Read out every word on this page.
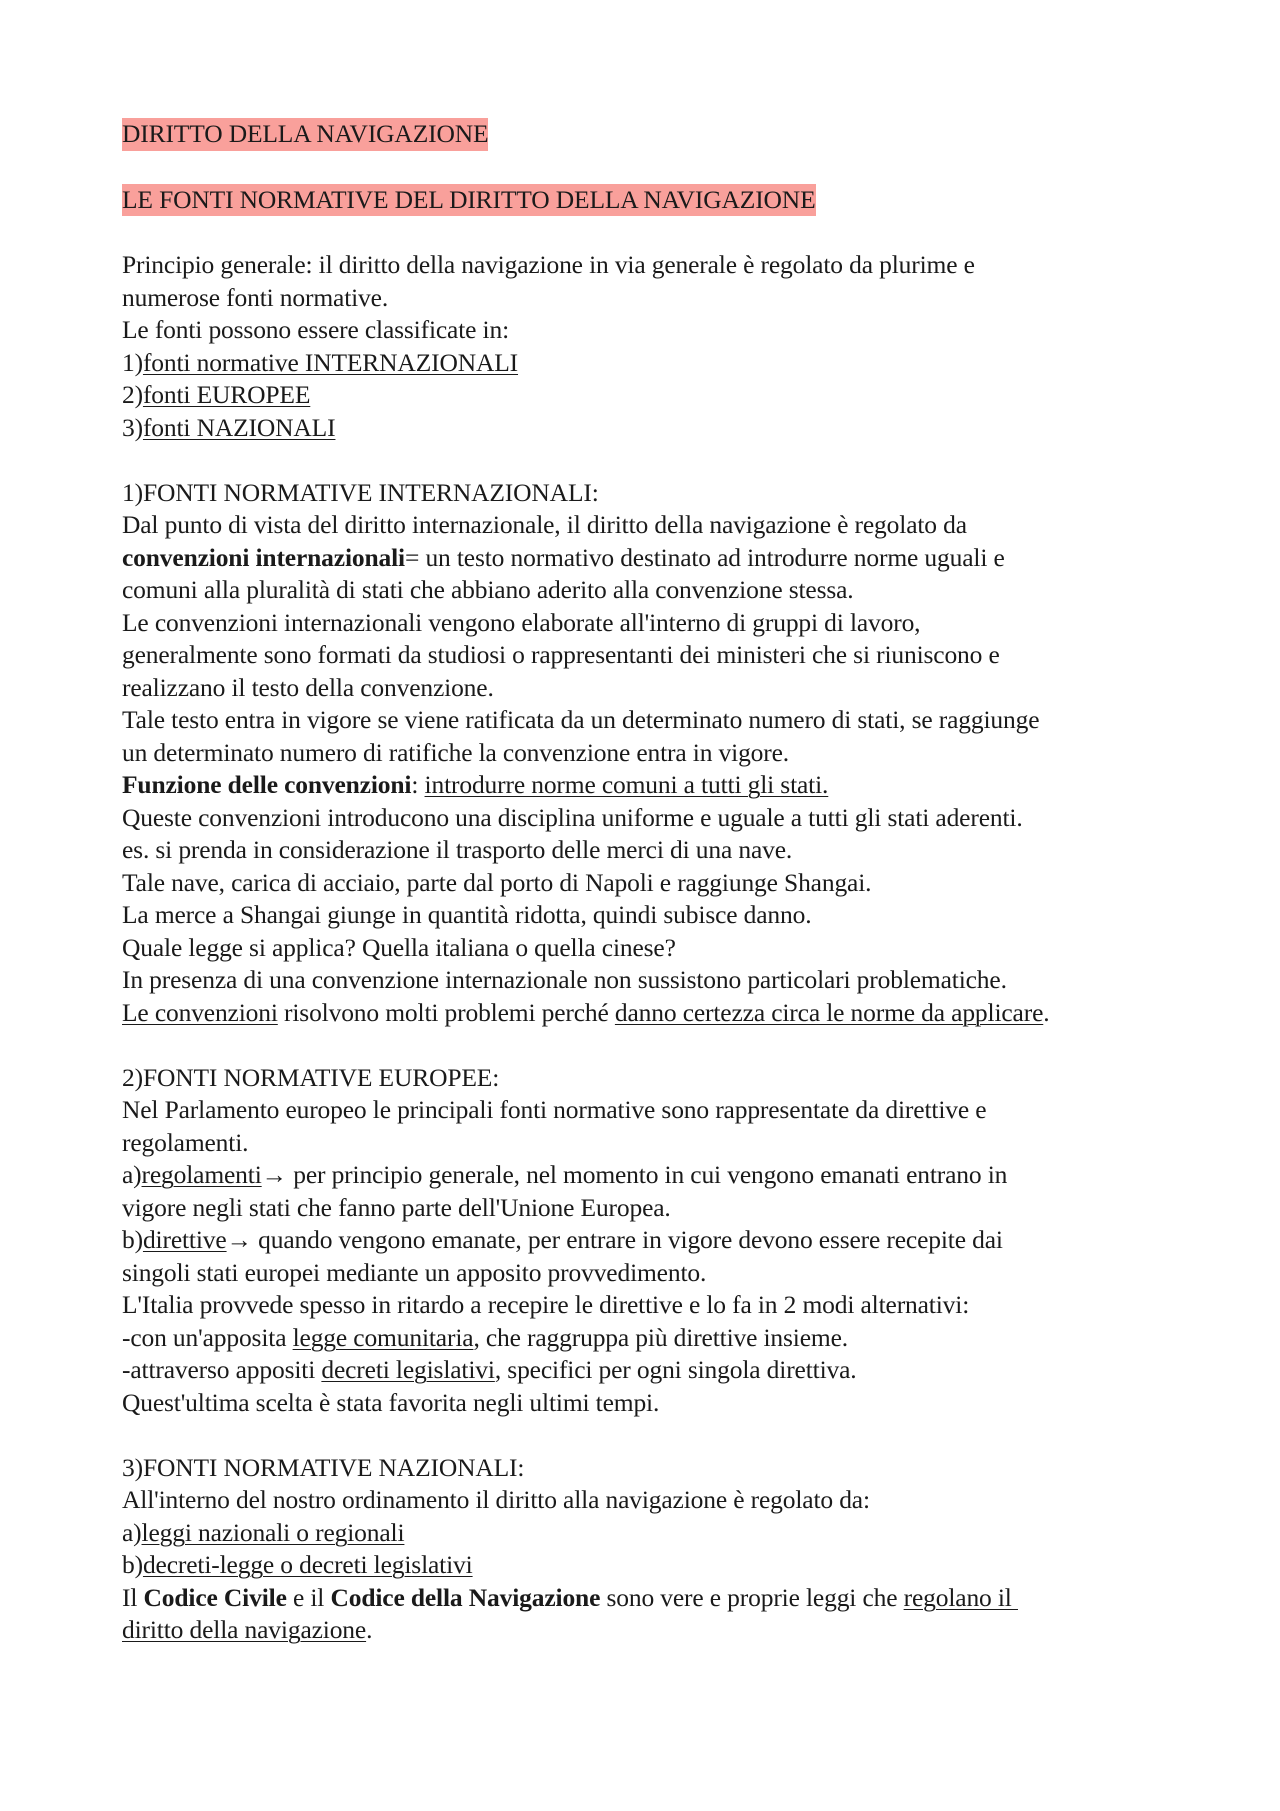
DIRITTO DELLA NAVIGAZIONE
LE FONTI NORMATIVE DEL DIRITTO DELLA NAVIGAZIONE
Principio generale: il diritto della navigazione in via generale è regolato da plurime e
numerose fonti normative.
Le fonti possono essere classificate in:
1)fonti normative INTERNAZIONALI
2)fonti EUROPEE
3)fonti NAZIONALI
1)FONTI NORMATIVE INTERNAZIONALI:
Dal punto di vista del diritto internazionale, il diritto della navigazione è regolato da
convenzioni internazionali= un testo normativo destinato ad introdurre norme uguali e
comuni alla pluralità di stati che abbiano aderito alla convenzione stessa.
Le convenzioni internazionali vengono elaborate all'interno di gruppi di lavoro,
generalmente sono formati da studiosi o rappresentanti dei ministeri che si riuniscono e
realizzano il testo della convenzione.
Tale testo entra in vigore se viene ratificata da un determinato numero di stati, se raggiunge
un determinato numero di ratifiche la convenzione entra in vigore.
Funzione delle convenzioni: introdurre norme comuni a tutti gli stati.
Queste convenzioni introducono una disciplina uniforme e uguale a tutti gli stati aderenti.
es. si prenda in considerazione il trasporto delle merci di una nave.
Tale nave, carica di acciaio, parte dal porto di Napoli e raggiunge Shangai.
La merce a Shangai giunge in quantità ridotta, quindi subisce danno.
Quale legge si applica? Quella italiana o quella cinese?
In presenza di una convenzione internazionale non sussistono particolari problematiche.
Le convenzioni risolvono molti problemi perché danno certezza circa le norme da applicare.
2)FONTI NORMATIVE EUROPEE:
Nel Parlamento europeo le principali fonti normative sono rappresentate da direttive e
regolamenti.
a)regolamenti→ per principio generale, nel momento in cui vengono emanati entrano in
vigore negli stati che fanno parte dell'Unione Europea.
b)direttive→ quando vengono emanate, per entrare in vigore devono essere recepite dai
singoli stati europei mediante un apposito provvedimento.
L'Italia provvede spesso in ritardo a recepire le direttive e lo fa in 2 modi alternativi:
-con un'apposita legge comunitaria, che raggruppa più direttive insieme.
-attraverso appositi decreti legislativi, specifici per ogni singola direttiva.
Quest'ultima scelta è stata favorita negli ultimi tempi.
3)FONTI NORMATIVE NAZIONALI:
All'interno del nostro ordinamento il diritto alla navigazione è regolato da:
a)leggi nazionali o regionali
b)decreti-legge o decreti legislativi
Il Codice Civile e il Codice della Navigazione sono vere e proprie leggi che regolano il
diritto della navigazione.
